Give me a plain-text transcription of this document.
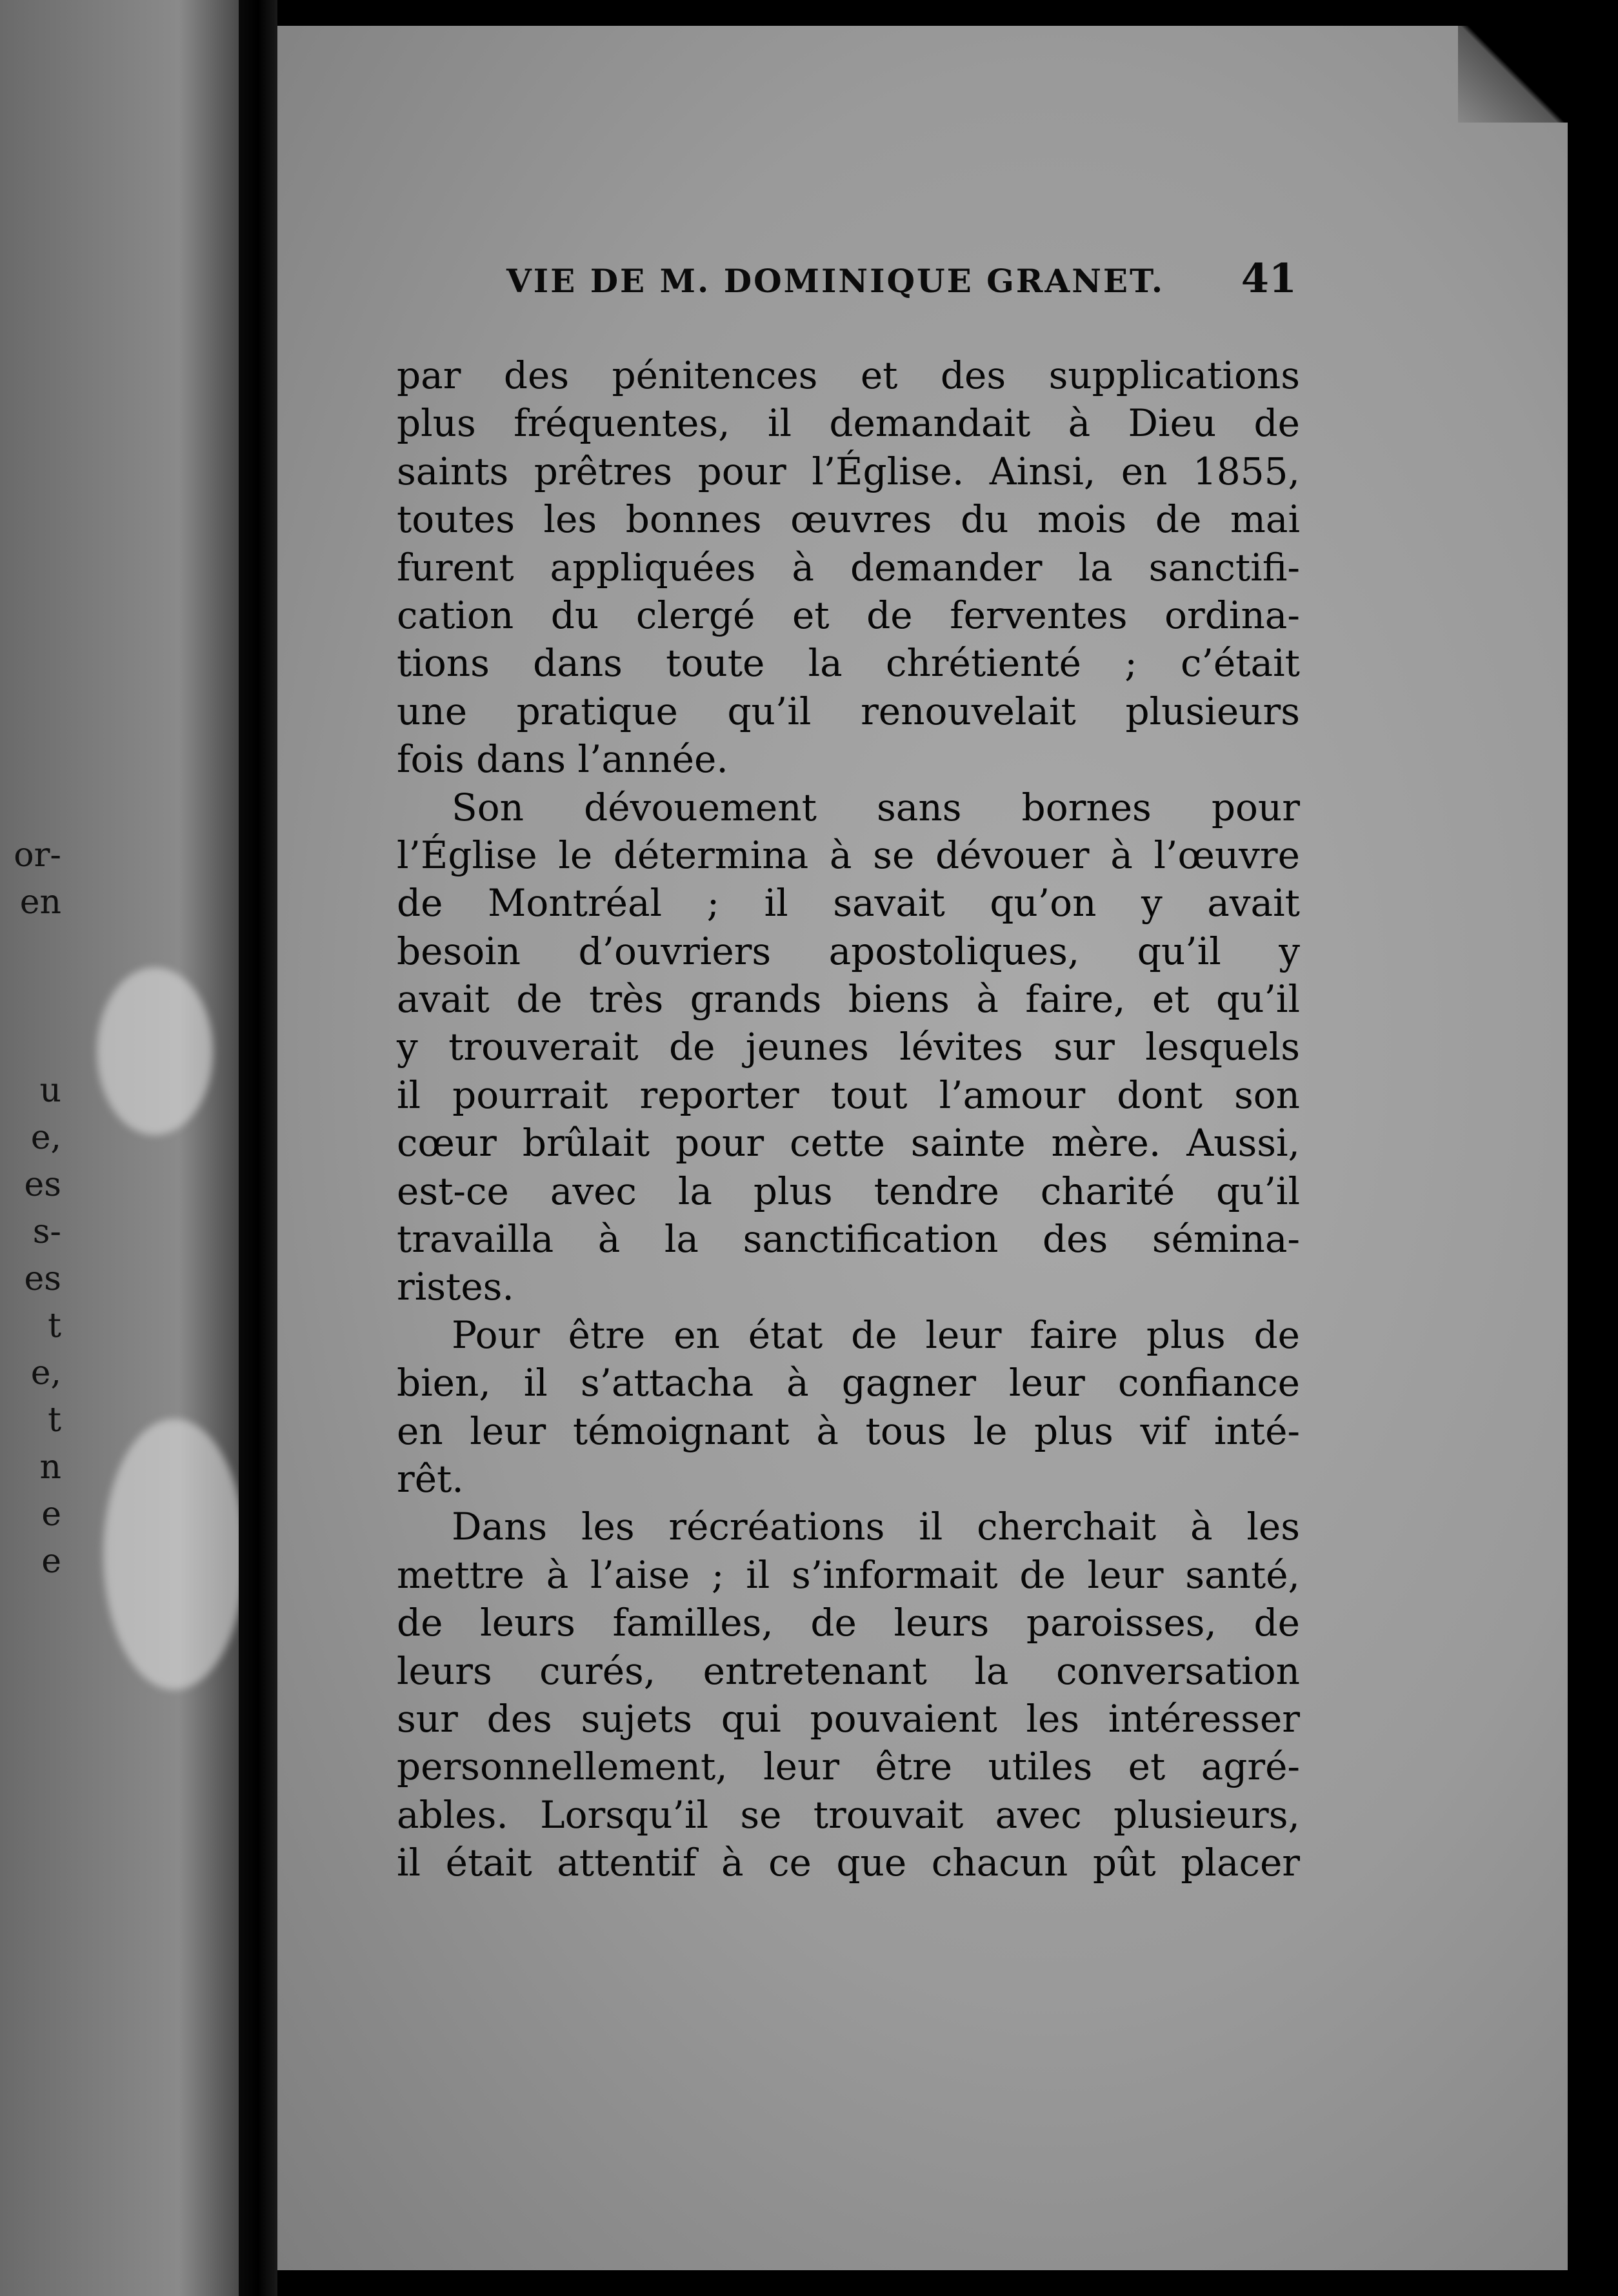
or-
en
u
e,
es
s-
es
t
e,
t
n
e
e
VIE DE M. DOMINIQUE GRANET. 41
par des pénitences et des supplications
plus fréquentes, il demandait à Dieu de
saints prêtres pour l’Église. Ainsi, en 1855,
toutes les bonnes œuvres du mois de mai
furent appliquées à demander la sanctifi-
cation du clergé et de ferventes ordina-
tions dans toute la chrétienté ; c’était
une pratique qu’il renouvelait plusieurs
fois dans l’année.
Son dévouement sans bornes pour
l’Église le détermina à se dévouer à l’œuvre
de Montréal ; il savait qu’on y avait
besoin d’ouvriers apostoliques, qu’il y
avait de très grands biens à faire, et qu’il
y trouverait de jeunes lévites sur lesquels
il pourrait reporter tout l’amour dont son
cœur brûlait pour cette sainte mère. Aussi,
est-ce avec la plus tendre charité qu’il
travailla à la sanctification des sémina-
ristes.
Pour être en état de leur faire plus de
bien, il s’attacha à gagner leur confiance
en leur témoignant à tous le plus vif inté-
rêt.
Dans les récréations il cherchait à les
mettre à l’aise ; il s’informait de leur santé,
de leurs familles, de leurs paroisses, de
leurs curés, entretenant la conversation
sur des sujets qui pouvaient les intéresser
personnellement, leur être utiles et agré-
ables. Lorsqu’il se trouvait avec plusieurs,
il était attentif à ce que chacun pût placer
